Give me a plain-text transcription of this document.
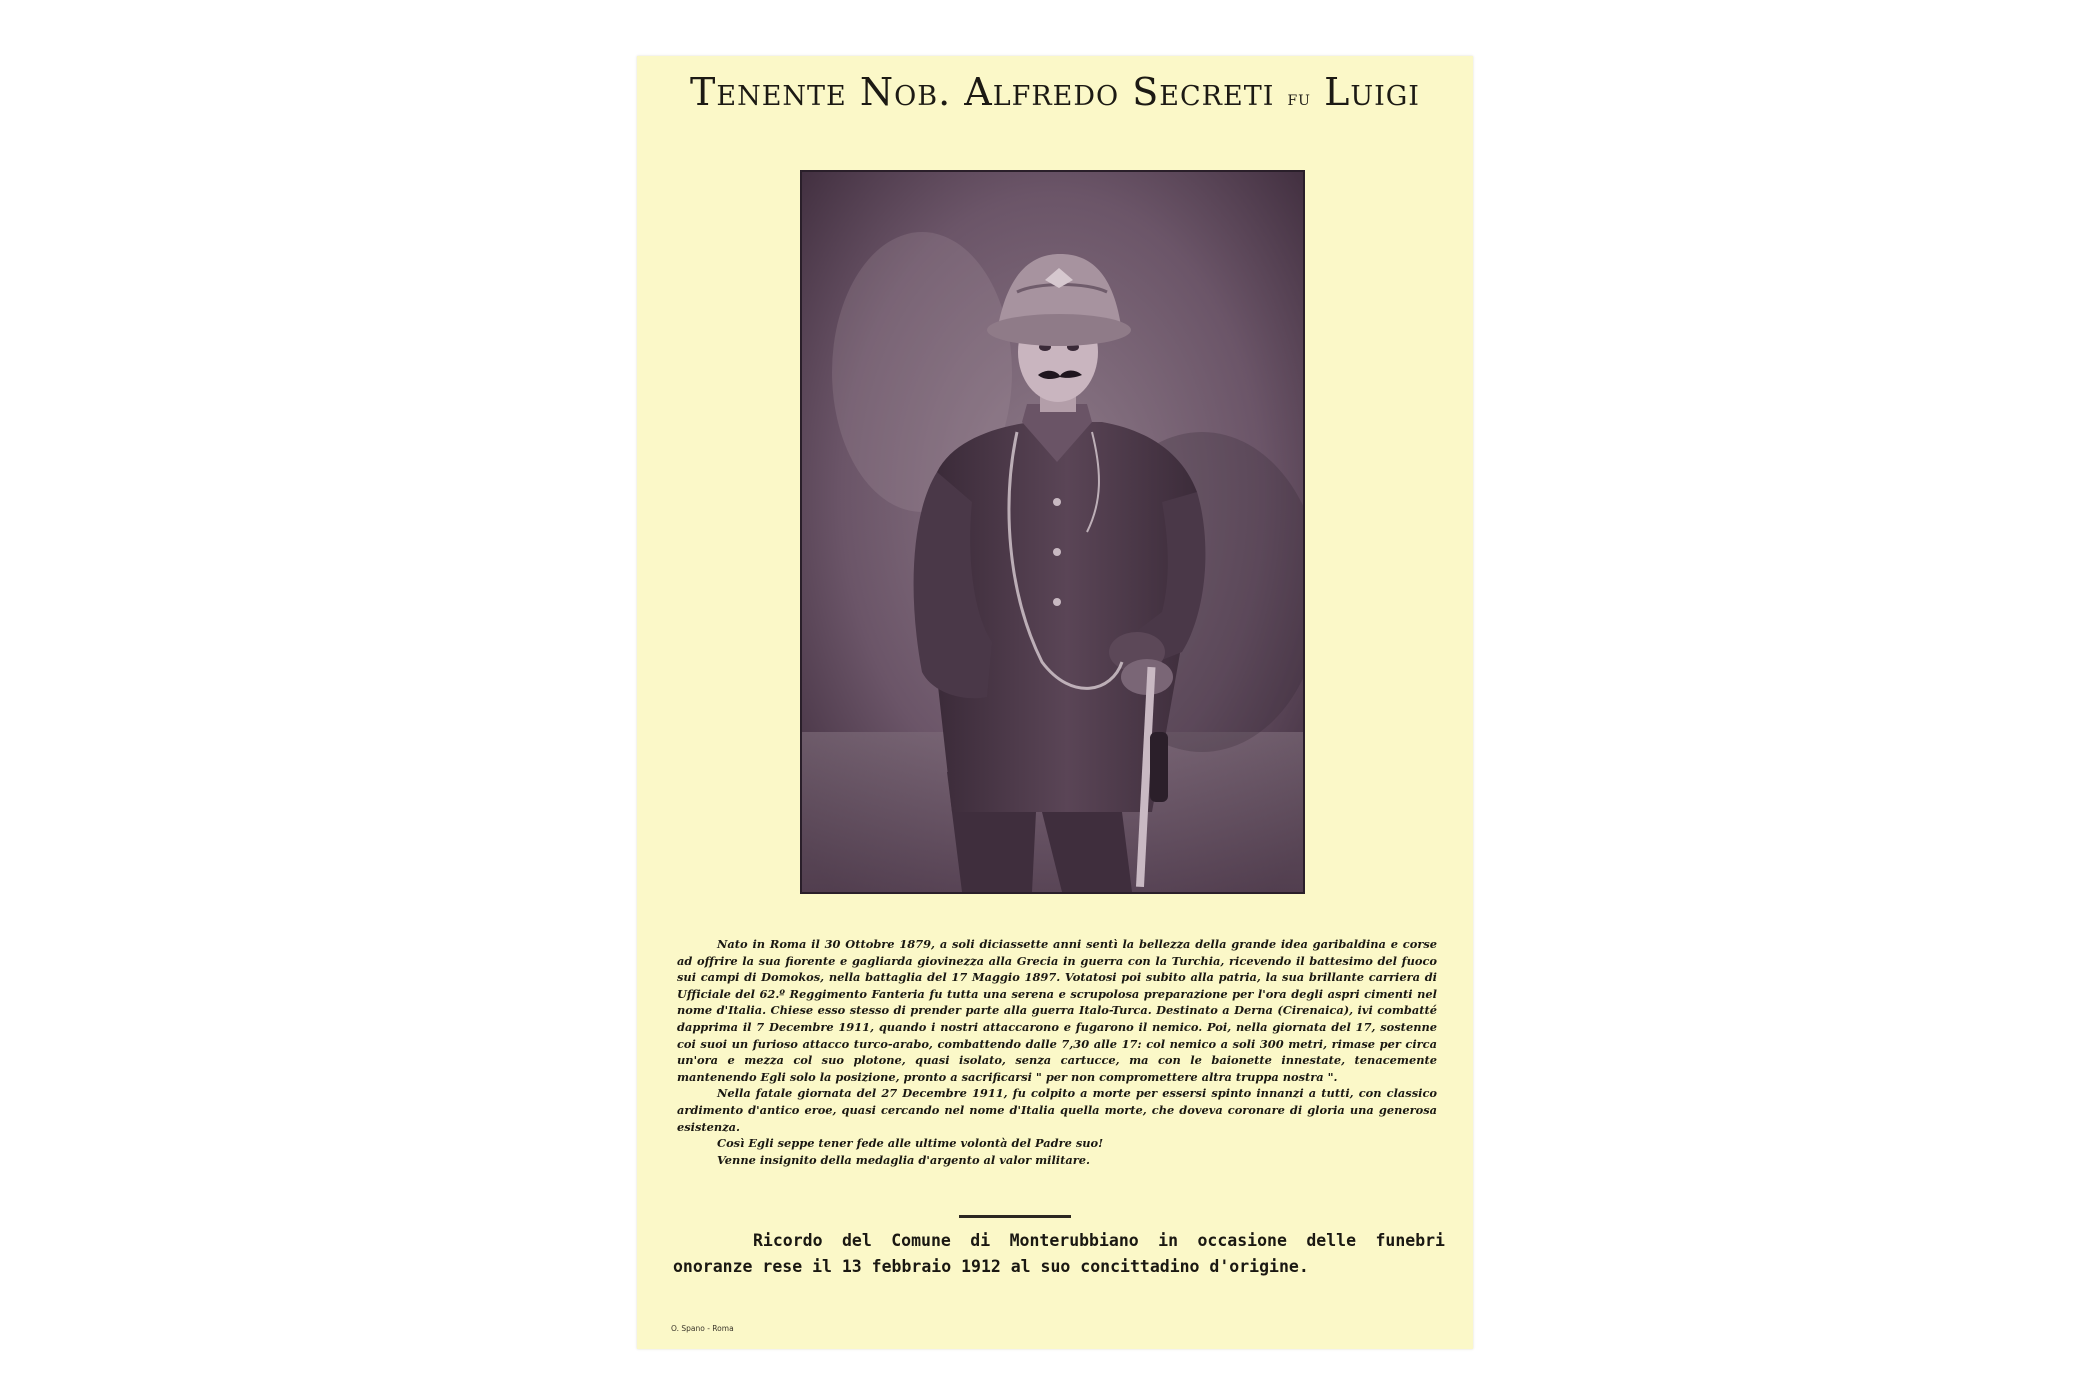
Tenente Nob. Alfredo Secreti fu Luigi

Nato in Roma il 30 Ottobre 1879, a soli diciassette anni sentì la bellezza della grande idea garibaldina e corse ad offrire la sua fiorente e gagliarda giovinezza alla Grecia in guerra con la Turchia, ricevendo il battesimo del fuoco sui campi di Domokos, nella battaglia del 17 Maggio 1897. Votatosi poi subito alla patria, la sua brillante carriera di Ufficiale del 62.º Reggimento Fanteria fu tutta una serena e scrupolosa preparazione per l'ora degli aspri cimenti nel nome d'Italia. Chiese esso stesso di prender parte alla guerra Italo-Turca. Destinato a Derna (Cirenaica), ivi combatté dapprima il 7 Decembre 1911, quando i nostri attaccarono e fugarono il nemico. Poi, nella giornata del 17, sostenne coi suoi un furioso attacco turco-arabo, combattendo dalle 7,30 alle 17: col nemico a soli 300 metri, rimase per circa un'ora e mezza col suo plotone, quasi isolato, senza cartucce, ma con le baionette innestate, tenacemente mantenendo Egli solo la posizione, pronto a sacrificarsi " per non compromettere altra truppa nostra ".

Nella fatale giornata del 27 Decembre 1911, fu colpito a morte per essersi spinto innanzi a tutti, con classico ardimento d'antico eroe, quasi cercando nel nome d'Italia quella morte, che doveva coronare di gloria una generosa esistenza.

Così Egli seppe tener fede alle ultime volontà del Padre suo!

Venne insignito della medaglia d'argento al valor militare.

Ricordo del Comune di Monterubbiano in occasione delle funebri onoranze rese il 13 febbraio 1912 al suo concittadino d'origine.
O. Spano - Roma
